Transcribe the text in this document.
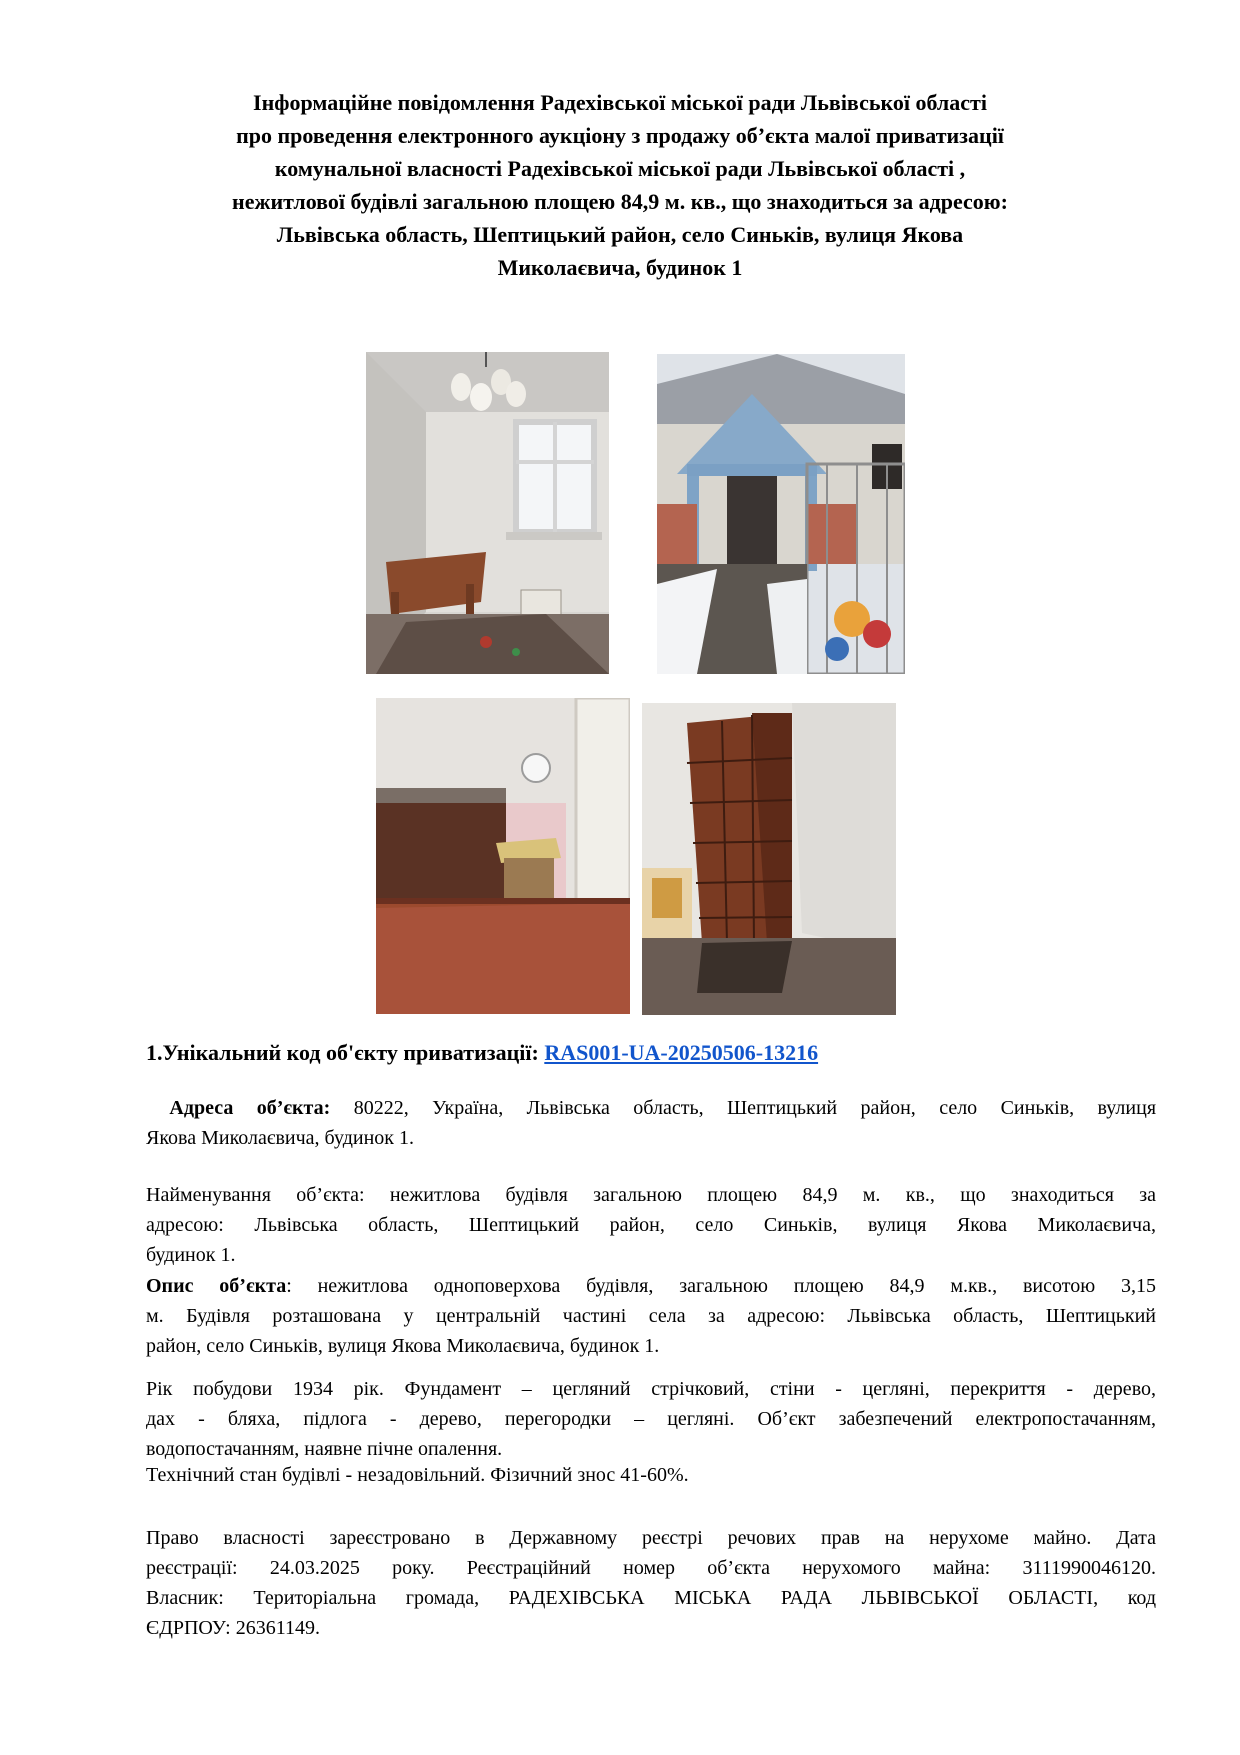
Інформаційне повідомлення Радехівської міської ради Львівської області
про проведення електронного аукціону з продажу об’єкта малої приватизації
комунальної власності Радехівської міської ради Львівської області ,
нежитлової будівлі загальною площею 84,9 м. кв., що знаходиться за адресою:
Львівська область, Шептицький район, село Синьків, вулиця Якова
Миколаєвича, будинок 1
1.Унікальний код об'єкту приватизації: RAS001-UA-20250506-13216

Адреса об’єкта: 80222, Україна, Львівська область, Шептицький район, село Синьків, вулиця
Якова Миколаєвича, будинок 1.

Найменування об’єкта: нежитлова будівля загальною площею 84,9 м. кв., що знаходиться за
адресою: Львівська область, Шептицький район, село Синьків, вулиця Якова Миколаєвича,
будинок 1.

Опис об’єкта: нежитлова одноповерхова будівля, загальною площею 84,9 м.кв., висотою 3,15
м. Будівля розташована у центральній частині села за адресою: Львівська область, Шептицький
район, село Синьків, вулиця Якова Миколаєвича, будинок 1.

Рік побудови 1934 рік. Фундамент – цегляний стрічковий, стіни - цегляні, перекриття - дерево,
дах - бляха, підлога - дерево, перегородки – цегляні. Об’єкт забезпечений електропостачанням,
водопостачанням, наявне пічне опалення.

Технічний стан будівлі - незадовільний. Фізичний знос 41-60%.

Право власності зареєстровано в Державному реєстрі речових прав на нерухоме майно. Дата
реєстрації: 24.03.2025 року. Реєстраційний номер об’єкта нерухомого майна: 3111990046120.
Власник: Територіальна громада, РАДЕХІВСЬКА МІСЬКА РАДА ЛЬВІВСЬКОЇ ОБЛАСТІ, код
ЄДРПОУ: 26361149.
